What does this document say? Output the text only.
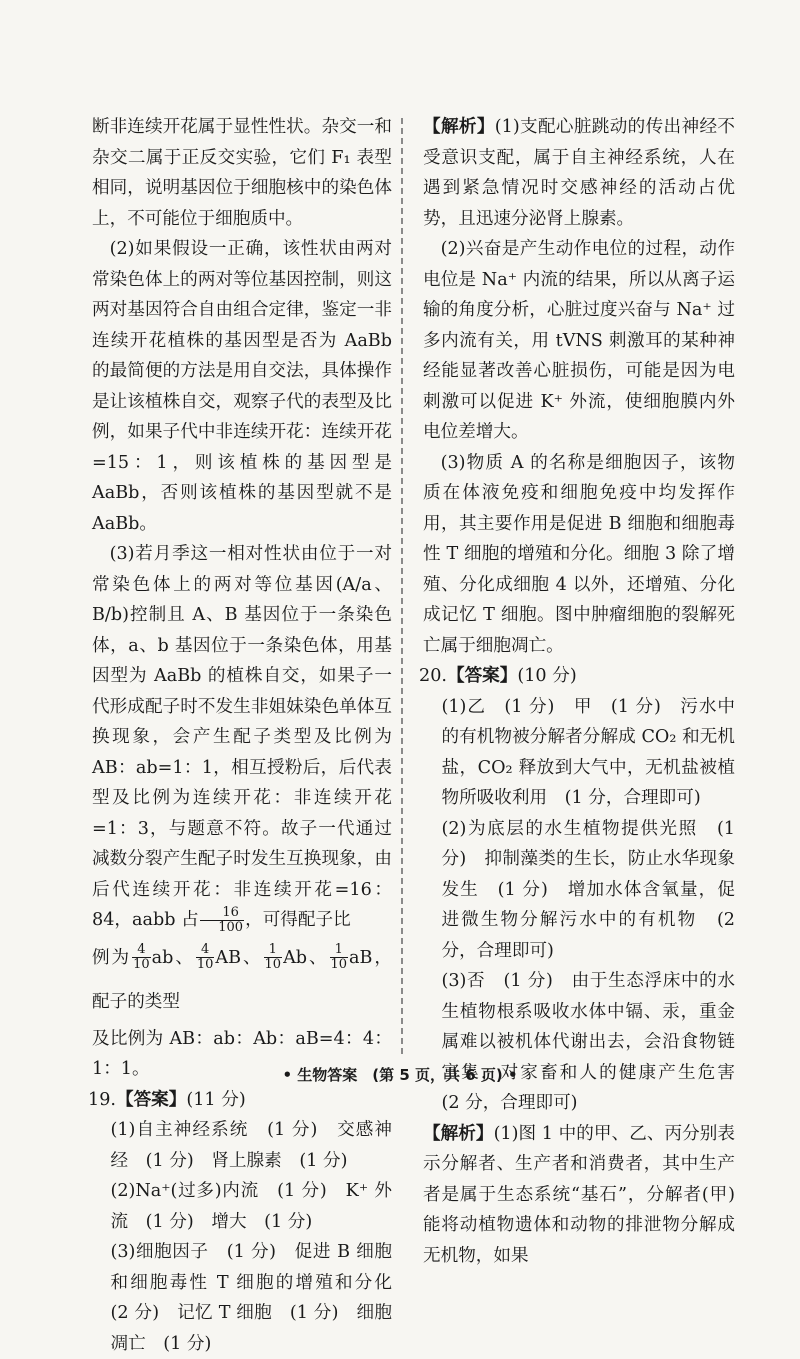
断非连续开花属于显性性状。杂交一和杂交二属于正反交实验，它们 F₁ 表型相同，说明基因位于细胞核中的染色体上，不可能位于细胞质中。

(2)如果假设一正确，该性状由两对常染色体上的两对等位基因控制，则这两对基因符合自由组合定律，鉴定一非连续开花植株的基因型是否为 AaBb 的最简便的方法是用自交法，具体操作是让该植株自交，观察子代的表型及比例，如果子代中非连续开花：连续开花=15：1，则该植株的基因型是 AaBb，否则该植株的基因型就不是 AaBb。

(3)若月季这一相对性状由位于一对常染色体上的两对等位基因(A/a、B/b)控制且 A、B 基因位于一条染色体，a、b 基因位于一条染色体，用基因型为 AaBb 的植株自交，如果子一代形成配子时不发生非姐妹染色单体互换现象，会产生配子类型及比例为 AB：ab=1：1，相互授粉后，后代表型及比例为连续开花：非连续开花=1：3，与题意不符。故子一代通过减数分裂产生配子时发生互换现象，由后代连续开花：非连续开花=16：84，aabb 占 $\frac{16}{100}$ ，可得配子比

例为 $\frac{4}{10}$ ab、 $\frac{4}{10}$ AB、 $\frac{1}{10}$ Ab、 $\frac{1}{10}$ aB，配子的类型

及比例为 AB：ab：Ab：aB=4：4：1：1。

19.【答案】(11 分)

(1)自主神经系统　(1 分)　交感神经　(1 分)　肾上腺素　(1 分)

(2)Na⁺(过多)内流　(1 分)　K⁺ 外流　(1 分)　增大　(1 分)

(3)细胞因子　(1 分)　促进 B 细胞和细胞毒性 T 细胞的增殖和分化　(2 分)　记忆 T 细胞　(1 分)　细胞凋亡　(1 分)

【解析】(1)支配心脏跳动的传出神经不受意识支配，属于自主神经系统，人在遇到紧急情况时交感神经的活动占优势，且迅速分泌肾上腺素。

(2)兴奋是产生动作电位的过程，动作电位是 Na⁺ 内流的结果，所以从离子运输的角度分析，心脏过度兴奋与 Na⁺ 过多内流有关，用 tVNS 刺激耳的某种神经能显著改善心脏损伤，可能是因为电刺激可以促进 K⁺ 外流，使细胞膜内外电位差增大。

(3)物质 A 的名称是细胞因子，该物质在体液免疫和细胞免疫中均发挥作用，其主要作用是促进 B 细胞和细胞毒性 T 细胞的增殖和分化。细胞 3 除了增殖、分化成细胞 4 以外，还增殖、分化成记忆 T 细胞。图中肿瘤细胞的裂解死亡属于细胞凋亡。

20.【答案】(10 分)

(1)乙　(1 分)　甲　(1 分)　污水中的有机物被分解者分解成 CO₂ 和无机盐，CO₂ 释放到大气中，无机盐被植物所吸收利用　(1 分，合理即可)

(2)为底层的水生植物提供光照　(1 分)　抑制藻类的生长，防止水华现象发生　(1 分)　增加水体含氧量，促进微生物分解污水中的有机物　(2 分，合理即可)

(3)否　(1 分)　由于生态浮床中的水生植物根系吸收水体中镉、汞，重金属难以被机体代谢出去，会沿食物链富集，对家畜和人的健康产生危害　(2 分，合理即可)

【解析】(1)图 1 中的甲、乙、丙分别表示分解者、生产者和消费者，其中生产者是属于生态系统“基石”，分解者(甲)能将动植物遗体和动物的排泄物分解成无机物，如果

• 生物答案　(第 5 页，共 6 页) •
